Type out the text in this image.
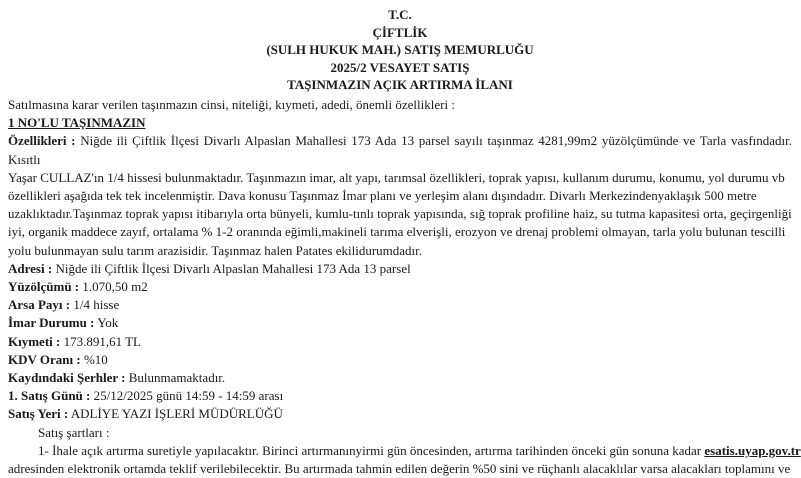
T.C.
ÇİFTLİK
(SULH HUKUK MAH.) SATIŞ MEMURLUĞU
2025/2 VESAYET SATIŞ
TAŞINMAZIN AÇIK ARTIRMA İLANI
Satılmasına karar verilen taşınmazın cinsi, niteliği, kıymeti, adedi, önemli özellikleri :
1 NO'LU TAŞINMAZIN
Özellikleri : Niğde ili Çiftlik İlçesi Divarlı Alpaslan Mahallesi 173 Ada 13 parsel sayılı taşınmaz 4281,99m2 yüzölçümünde ve Tarla vasfındadır. Kısıtlı
Yaşar CULLAZ'ın 1/4 hissesi bulunmaktadır. Taşınmazın imar, alt yapı, tarımsal özellikleri, toprak yapısı, kullanım durumu, konumu, yol durumu vb
özellikleri aşağıda tek tek incelenmiştir. Dava konusu Taşınmaz İmar planı ve yerleşim alanı dışındadır. Divarlı Merkezindenyaklaşık 500 metre
uzaklıktadır.Taşınmaz toprak yapısı itibarıyla orta bünyeli, kumlu-tınlı toprak yapısında, sığ toprak profiline haiz, su tutma kapasitesi orta, geçirgenliği
iyi, organik maddece zayıf, ortalama % 1-2 oranında eğimli,makineli tarıma elverişli, erozyon ve drenaj problemi olmayan, tarla yolu bulunan tescilli
yolu bulunmayan sulu tarım arazisidir. Taşınmaz halen Patates ekilidurumdadır.
Adresi : Niğde ili Çiftlik İlçesi Divarlı Alpaslan Mahallesi 173 Ada 13 parsel
Yüzölçümü : 1.070,50 m2
Arsa Payı : 1/4 hisse
İmar Durumu : Yok
Kıymeti : 173.891,61 TL
KDV Oranı : %10
Kaydındaki Şerhler : Bulunmamaktadır.
1. Satış Günü : 25/12/2025 günü 14:59 - 14:59 arası
Satış Yeri : ADLİYE YAZI İŞLERİ MÜDÜRLÜĞÜ
Satış şartları :
1- İhale açık artırma suretiyle yapılacaktır. Birinci artırmanınyirmi gün öncesinden, artırma tarihinden önceki gün sonuna kadar esatis.uyap.gov.tr
adresinden elektronik ortamda teklif verilebilecektir. Bu artırmada tahmin edilen değerin %50 sini ve rüçhanlı alacaklılar varsa alacakları toplamını ve
